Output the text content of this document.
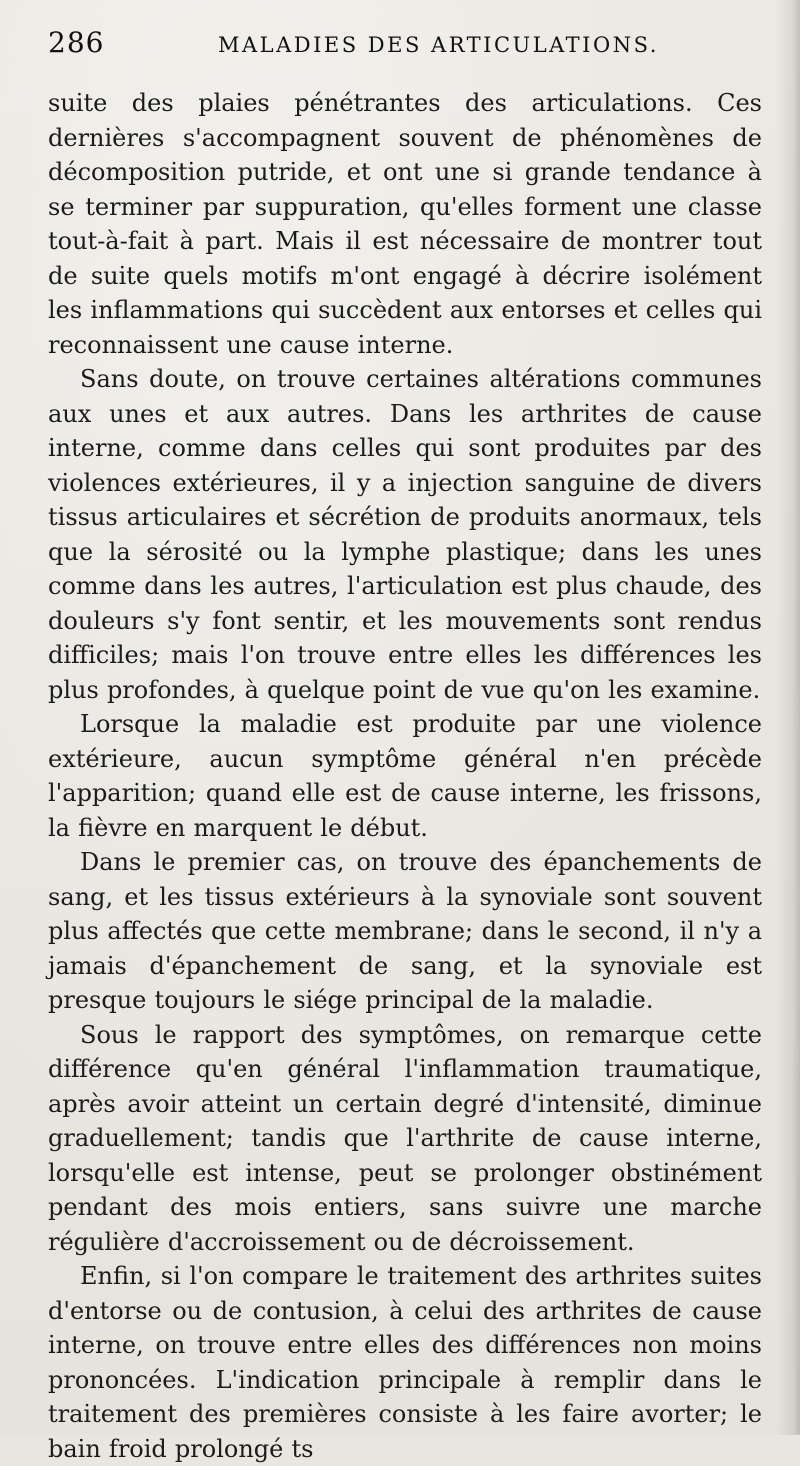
286	MALADIES DES ARTICULATIONS.

suite des plaies pénétrantes des articulations. Ces dernières s'accompagnent souvent de phénomènes de décomposition putride, et ont une si grande tendance à se terminer par suppuration, qu'elles forment une classe tout-à-fait à part. Mais il est nécessaire de montrer tout de suite quels motifs m'ont engagé à décrire isolément les inflammations qui succèdent aux entorses et celles qui reconnaissent une cause interne.

Sans doute, on trouve certaines altérations communes aux unes et aux autres. Dans les arthrites de cause interne, comme dans celles qui sont produites par des violences extérieures, il y a injection sanguine de divers tissus articulaires et sécrétion de produits anormaux, tels que la sérosité ou la lymphe plastique; dans les unes comme dans les autres, l'articulation est plus chaude, des douleurs s'y font sentir, et les mouvements sont rendus difficiles; mais l'on trouve entre elles les différences les plus profondes, à quelque point de vue qu'on les examine.

Lorsque la maladie est produite par une violence extérieure, aucun symptôme général n'en précède l'apparition; quand elle est de cause interne, les frissons, la fièvre en marquent le début.

Dans le premier cas, on trouve des épanchements de sang, et les tissus extérieurs à la synoviale sont souvent plus affectés que cette membrane; dans le second, il n'y a jamais d'épanchement de sang, et la synoviale est presque toujours le siége principal de la maladie.

Sous le rapport des symptômes, on remarque cette différence qu'en général l'inflammation traumatique, après avoir atteint un certain degré d'intensité, diminue graduellement; tandis que l'arthrite de cause interne, lorsqu'elle est intense, peut se prolonger obstinément pendant des mois entiers, sans suivre une marche régulière d'accroissement ou de décroissement.

Enfin, si l'on compare le traitement des arthrites suites d'entorse ou de contusion, à celui des arthrites de cause interne, on trouve entre elles des différences non moins prononcées. L'indication principale à remplir dans le traitement des premières consiste à les faire avorter; le bain froid prolongé ts
